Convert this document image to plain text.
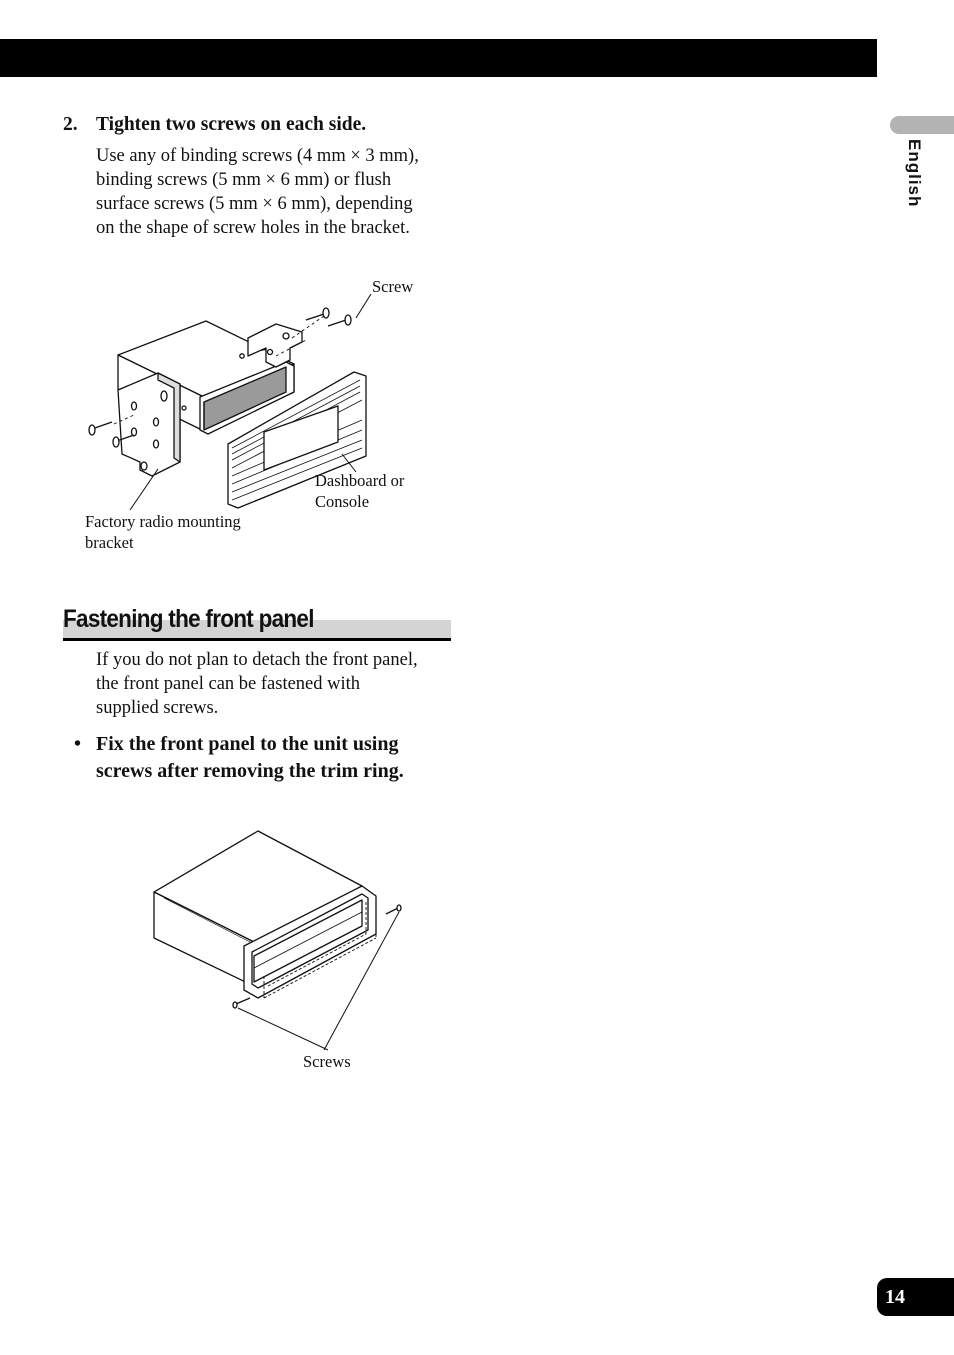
English
2. Tighten two screws on each side.
Use any of binding screws (4 mm × 3 mm), binding screws (5 mm × 6 mm) or flush surface screws (5 mm × 6 mm), depending on the shape of screw holes in the bracket.
Screw
Dashboard or Console
Factory radio mounting bracket
Fastening the front panel
If you do not plan to detach the front panel, the front panel can be fastened with supplied screws.
• Fix the front panel to the unit using screws after removing the trim ring.
Screws
14
